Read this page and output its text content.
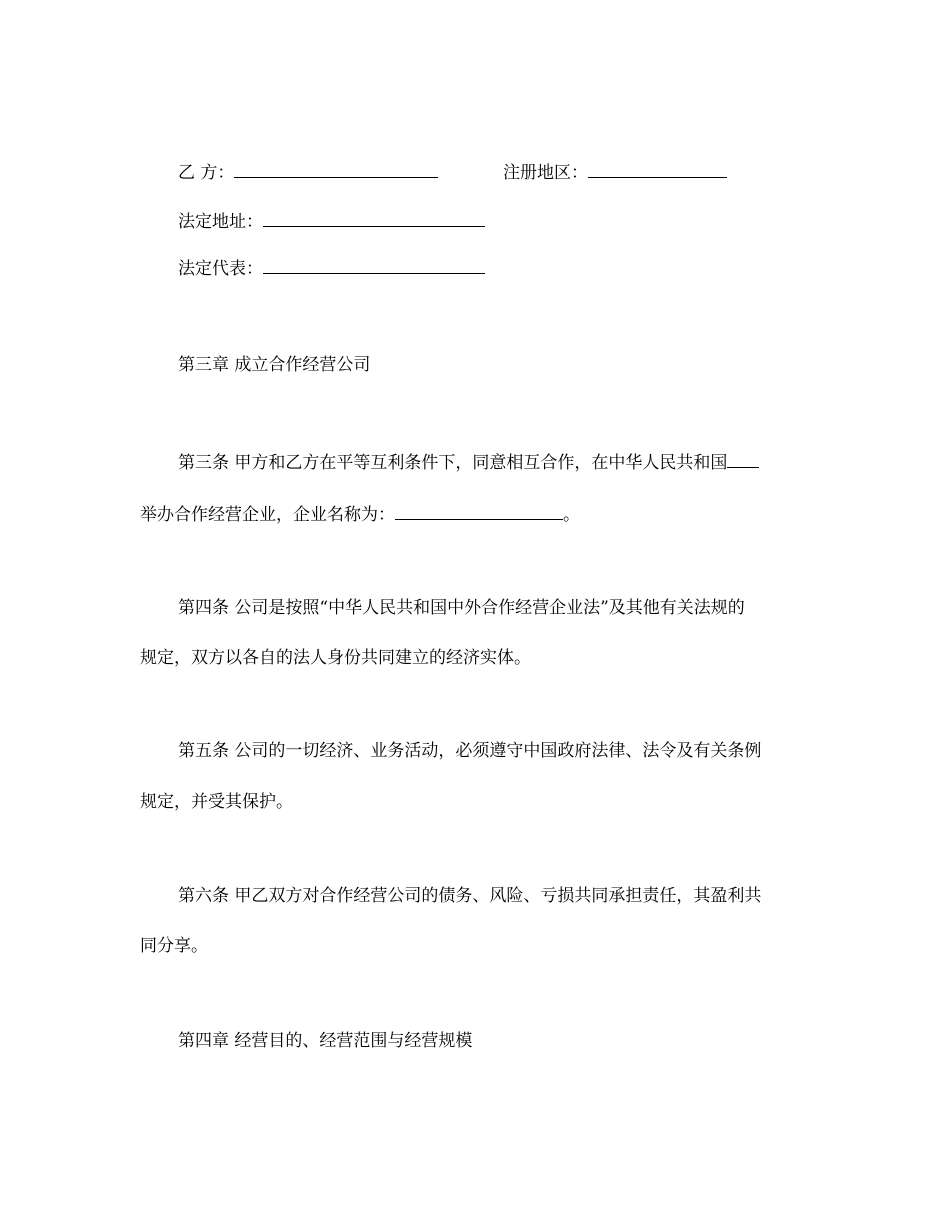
乙 方：	注册地区：
法定地址：
法定代表：
第三章 成立合作经营公司
第三条 甲方和乙方在平等互利条件下，同意相互合作，在中华人民共和国
举办合作经营企业，企业名称为：	。
第四条 公司是按照“中华人民共和国中外合作经营企业法”及其他有关法规的
规定，双方以各自的法人身份共同建立的经济实体。
第五条 公司的一切经济、业务活动，必须遵守中国政府法律、法令及有关条例
规定，并受其保护。
第六条 甲乙双方对合作经营公司的债务、风险、亏损共同承担责任，其盈利共
同分享。
第四章 经营目的、经营范围与经营规模
